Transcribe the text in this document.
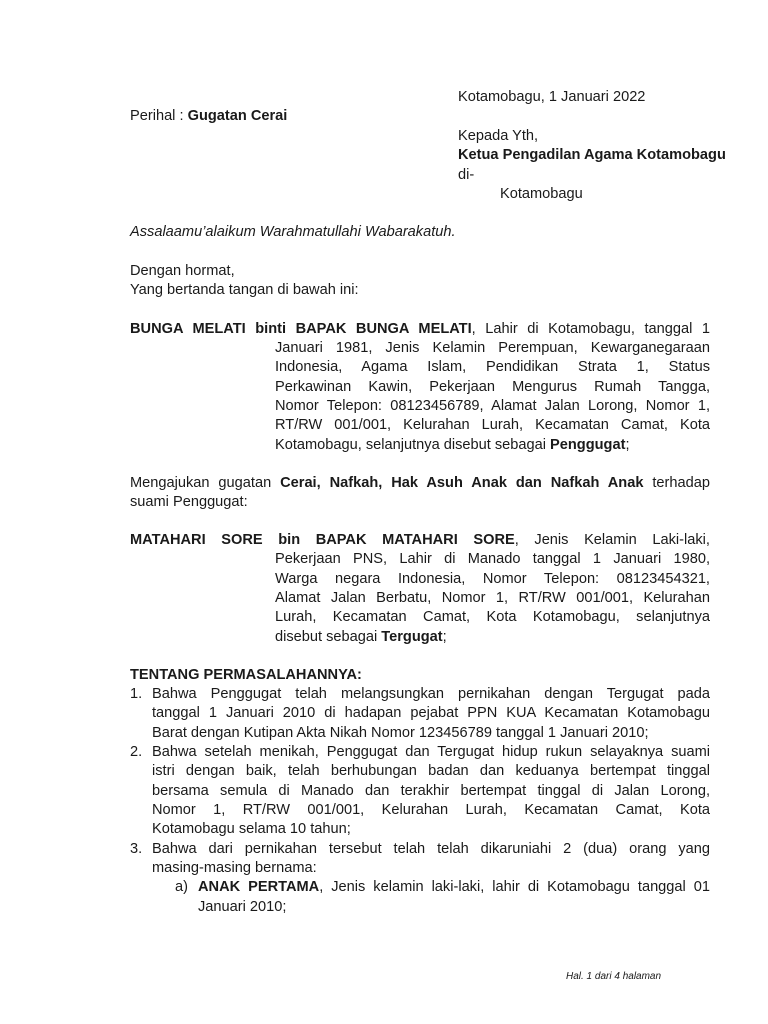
Kotamobagu, 1 Januari 2022
Perihal : Gugatan Cerai
Kepada Yth,
Ketua Pengadilan Agama Kotamobagu
di-
Kotamobagu
Assalaamu’alaikum Warahmatullahi Wabarakatuh.
Dengan hormat,
Yang bertanda tangan di bawah ini:
BUNGA MELATI binti BAPAK BUNGA MELATI, Lahir di Kotamobagu, tanggal 1
Januari 1981, Jenis Kelamin Perempuan, Kewarganegaraan
Indonesia, Agama Islam, Pendidikan Strata 1, Status
Perkawinan Kawin, Pekerjaan Mengurus Rumah Tangga,
Nomor Telepon: 08123456789, Alamat Jalan Lorong, Nomor 1,
RT/RW 001/001, Kelurahan Lurah, Kecamatan Camat, Kota
Kotamobagu, selanjutnya disebut sebagai Penggugat;
Mengajukan gugatan Cerai, Nafkah, Hak Asuh Anak dan Nafkah Anak terhadap
suami Penggugat:
MATAHARI SORE bin BAPAK MATAHARI SORE, Jenis Kelamin Laki-laki,
Pekerjaan PNS, Lahir di Manado tanggal 1 Januari 1980,
Warga negara Indonesia, Nomor Telepon: 08123454321,
Alamat Jalan Berbatu, Nomor 1, RT/RW 001/001, Kelurahan
Lurah, Kecamatan Camat, Kota Kotamobagu, selanjutnya
disebut sebagai Tergugat;
TENTANG PERMASALAHANNYA:
1. Bahwa Penggugat telah melangsungkan pernikahan dengan Tergugat pada
tanggal 1 Januari 2010 di hadapan pejabat PPN KUA Kecamatan Kotamobagu
Barat dengan Kutipan Akta Nikah Nomor 123456789 tanggal 1 Januari 2010;
2. Bahwa setelah menikah, Penggugat dan Tergugat hidup rukun selayaknya suami
istri dengan baik, telah berhubungan badan dan keduanya bertempat tinggal
bersama semula di Manado dan terakhir bertempat tinggal di Jalan Lorong,
Nomor 1, RT/RW 001/001, Kelurahan Lurah, Kecamatan Camat, Kota
Kotamobagu selama 10 tahun;
3. Bahwa dari pernikahan tersebut telah telah dikaruniahi 2 (dua) orang yang
masing-masing bernama:
a) ANAK PERTAMA, Jenis kelamin laki-laki, lahir di Kotamobagu tanggal 01
Januari 2010;
Hal. 1 dari 4 halaman
